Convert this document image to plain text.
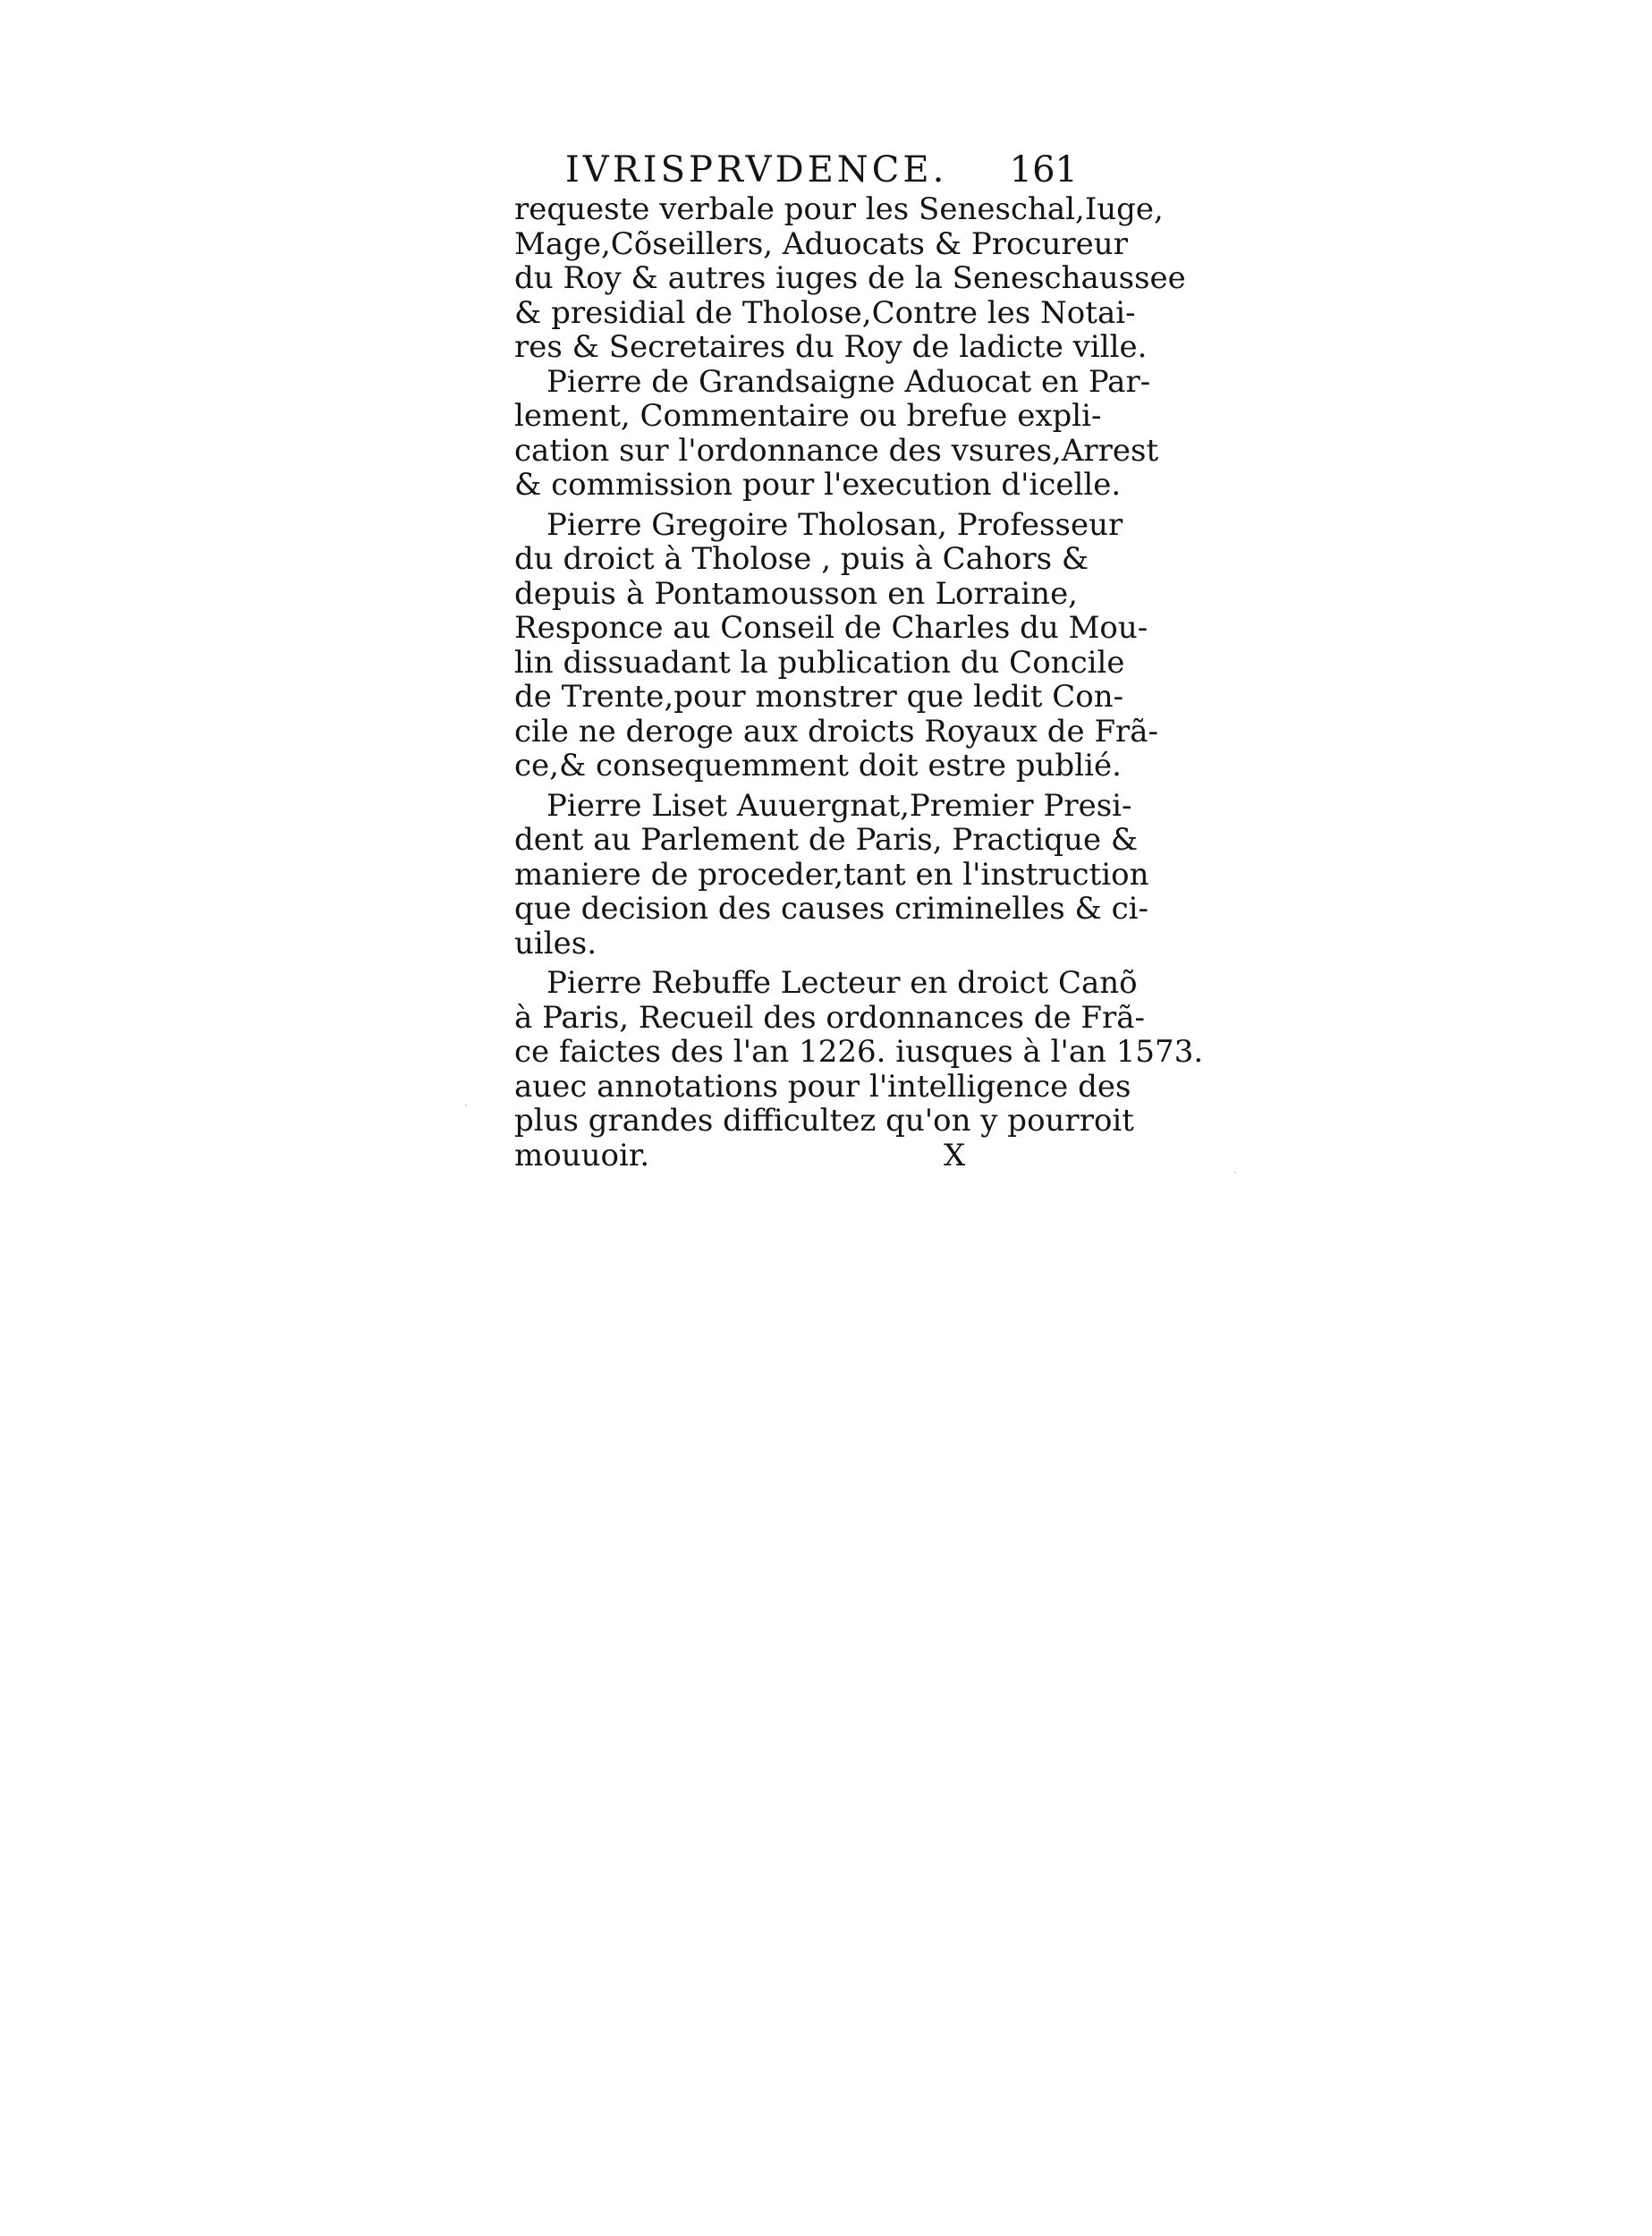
IVRISPRVDENCE. 161
requeste verbale pour les Seneschal,Iuge,
Mage,Cõseillers, Aduocats & Procureur
du Roy & autres iuges de la Seneschaussee
& presidial de Tholose,Contre les Notai-
res & Secretaires du Roy de ladicte ville.
Pierre de Grandsaigne Aduocat en Par-
lement, Commentaire ou brefue expli-
cation sur l'ordonnance des vsures,Arrest
& commission pour l'execution d'icelle.
Pierre Gregoire Tholosan, Professeur
du droict à Tholose , puis à Cahors &
depuis à Pontamousson en Lorraine,
Responce au Conseil de Charles du Mou-
lin dissuadant la publication du Concile
de Trente,pour monstrer que ledit Con-
cile ne deroge aux droicts Royaux de Frã-
ce,& consequemment doit estre publié.
Pierre Liset Auuergnat,Premier Presi-
dent au Parlement de Paris, Practique &
maniere de proceder,tant en l'instruction
que decision des causes criminelles & ci-
uiles.
Pierre Rebuffe Lecteur en droict Canõ
à Paris, Recueil des ordonnances de Frã-
ce faictes des l'an 1226. iusques à l'an 1573.
auec annotations pour l'intelligence des
plus grandes difficultez qu'on y pourroit
mouuoir.	X
